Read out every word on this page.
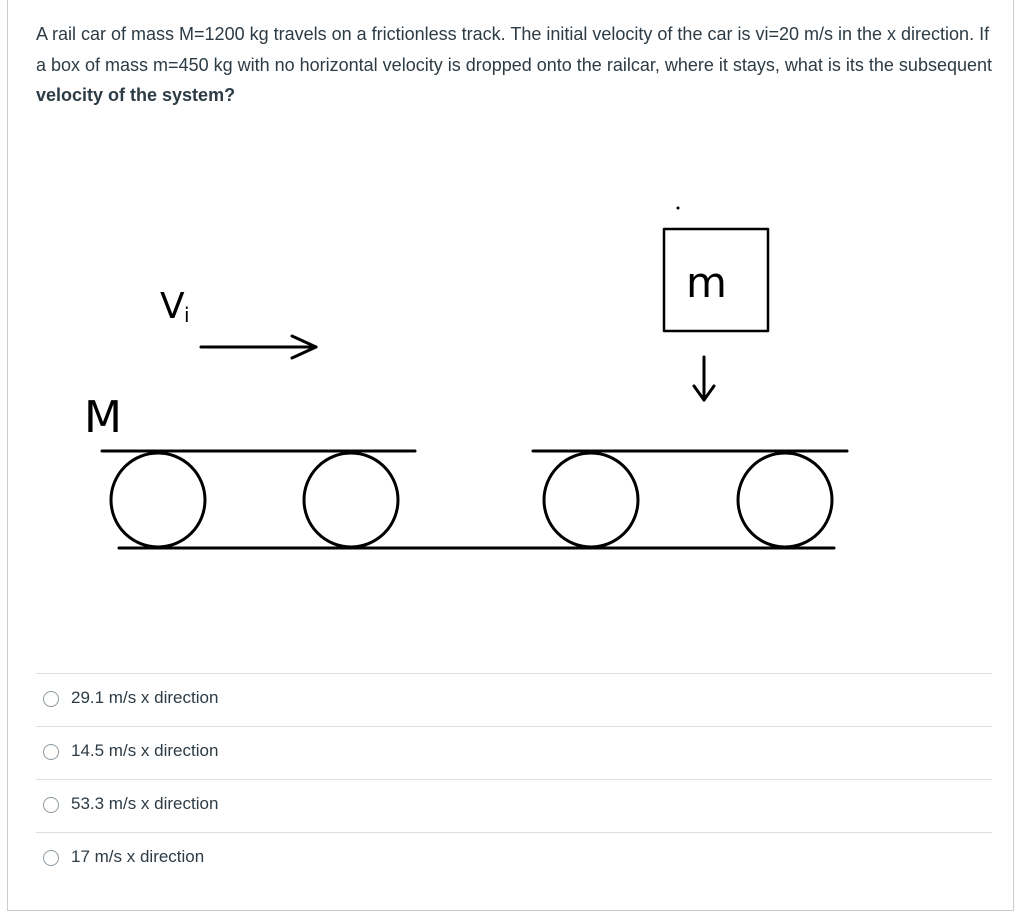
A rail car of mass M=1200 kg travels on a frictionless track. The initial velocity of the car is vi=20 m/s in the x direction. If a box of mass m=450 kg with no horizontal velocity is dropped onto the railcar, where it stays, what is its the subsequent velocity of the system?
M
V i
m
29.1 m/s x direction
14.5 m/s x direction
53.3 m/s x direction
17 m/s x direction
